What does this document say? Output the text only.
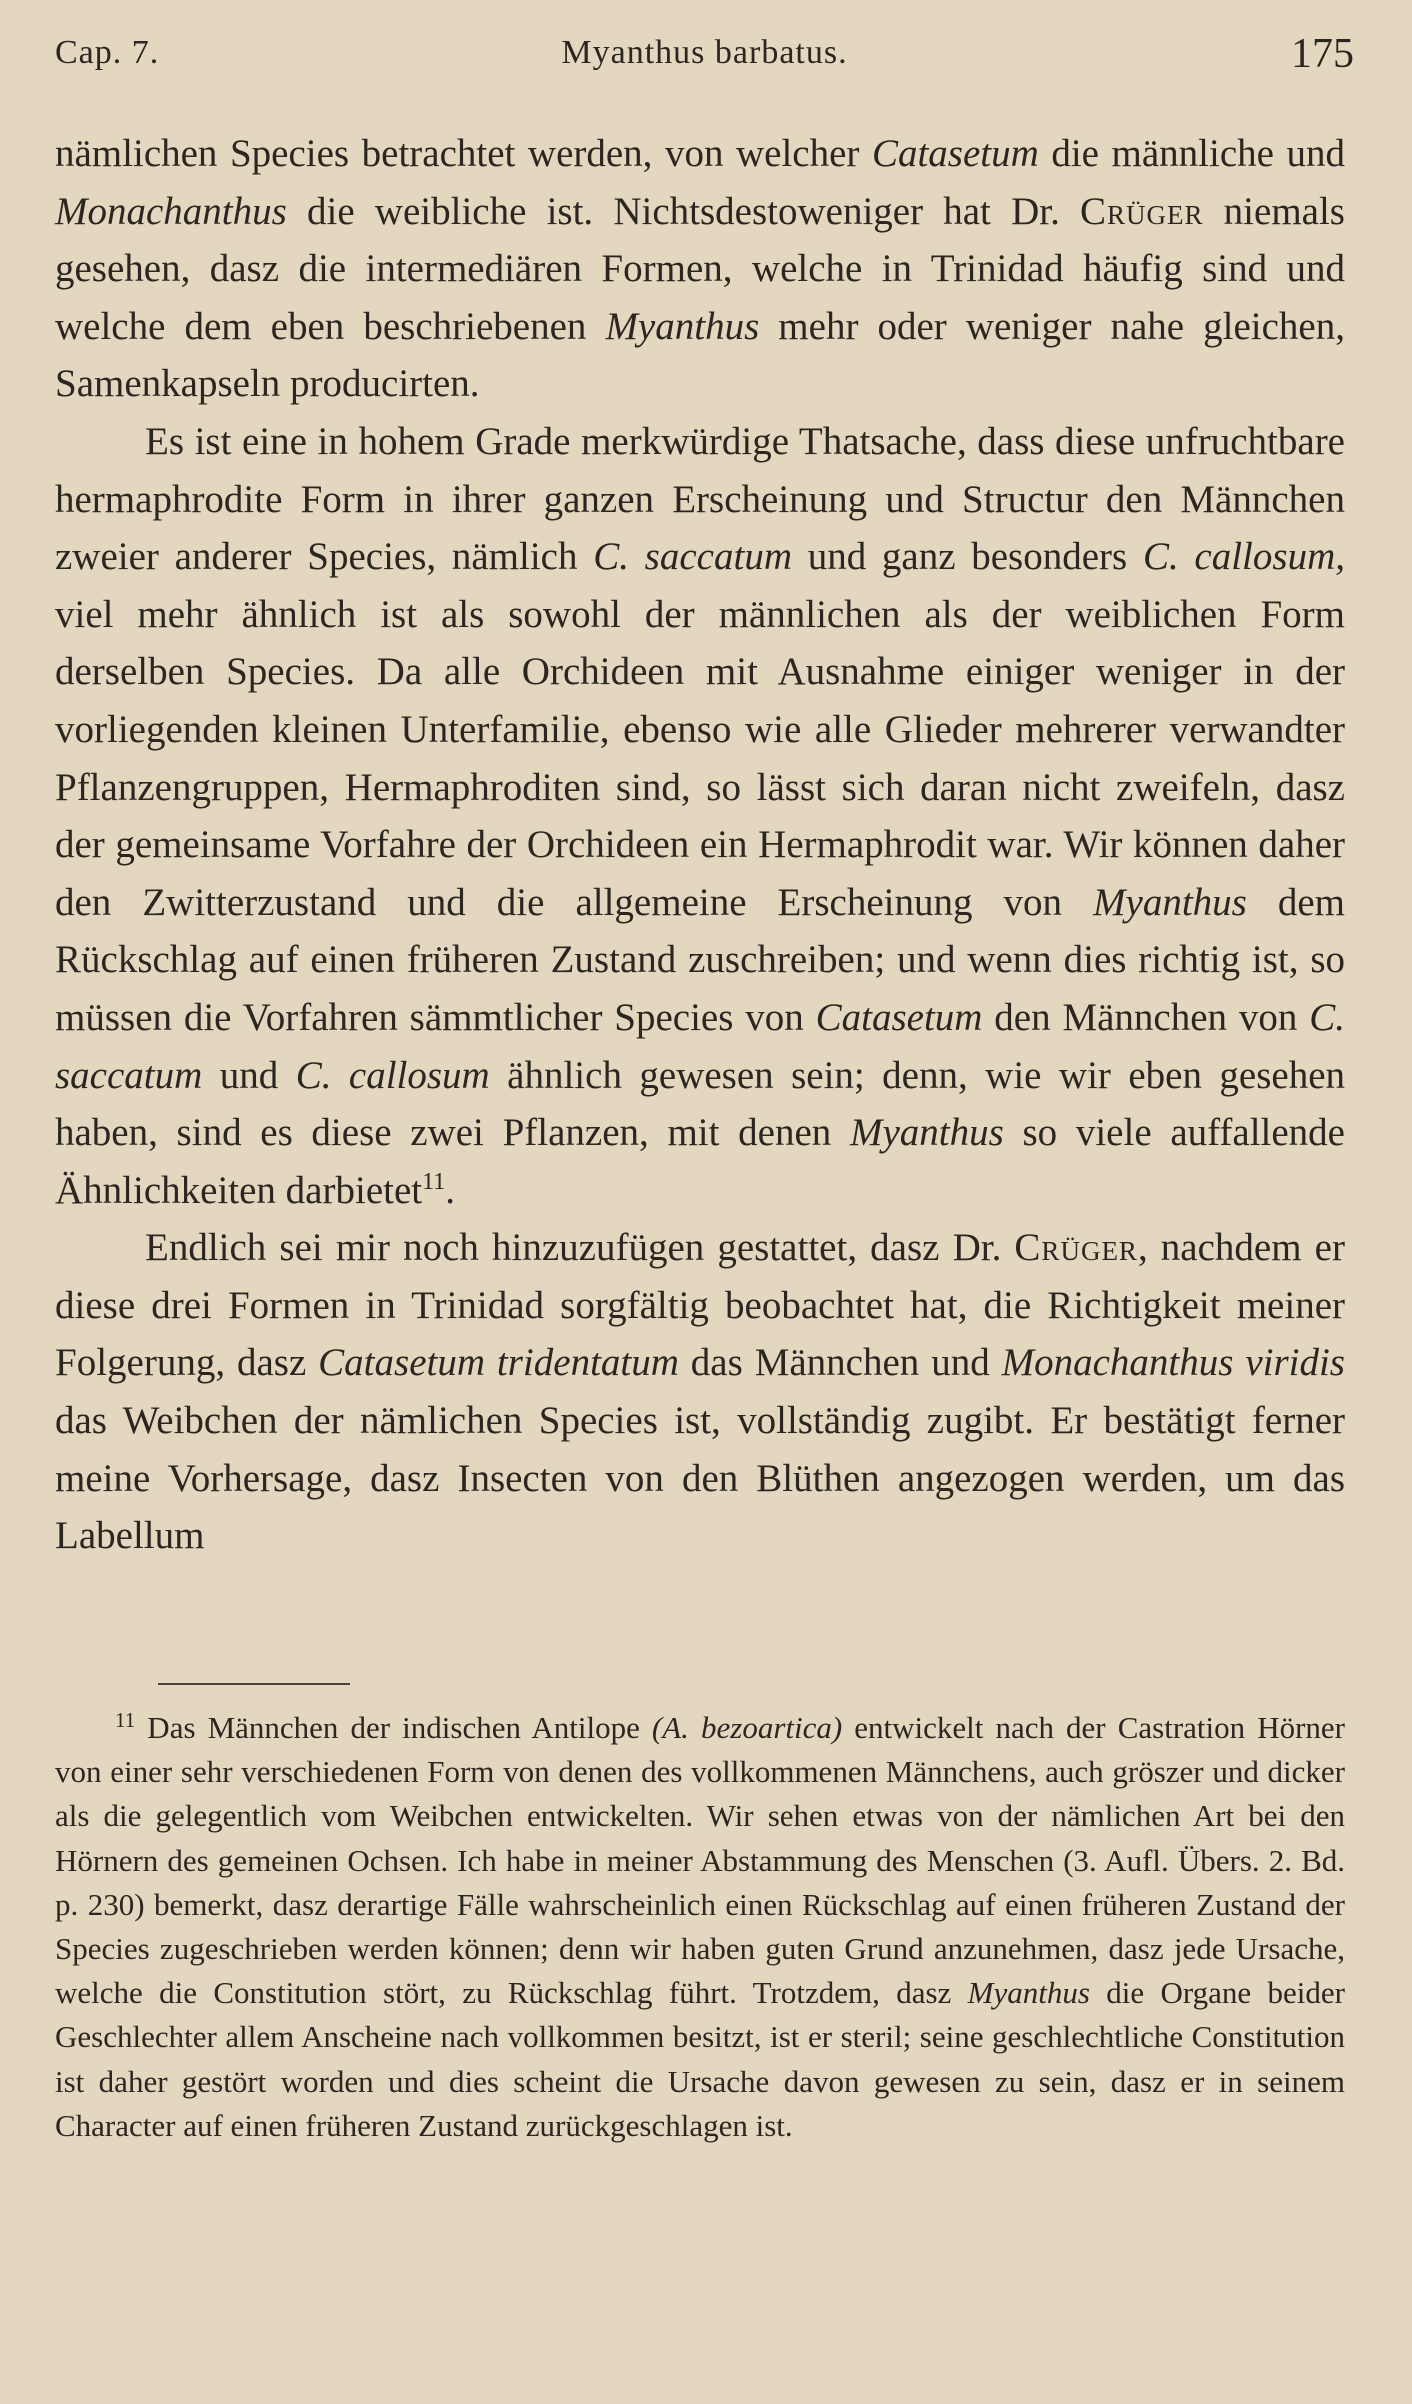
Cap. 7.	Myanthus barbatus.	175

nämlichen Species betrachtet werden, von welcher Catasetum die männliche und Monachanthus die weibliche ist. Nichtsdestoweniger hat Dr. Crüger niemals gesehen, dasz die intermediären Formen, welche in Trinidad häufig sind und welche dem eben beschriebenen Myanthus mehr oder weniger nahe gleichen, Samenkapseln producirten.

Es ist eine in hohem Grade merkwürdige Thatsache, dass diese unfruchtbare hermaphrodite Form in ihrer ganzen Erscheinung und Structur den Männchen zweier anderer Species, nämlich C. saccatum und ganz besonders C. callosum, viel mehr ähnlich ist als sowohl der männlichen als der weiblichen Form derselben Species. Da alle Orchideen mit Ausnahme einiger weniger in der vorliegenden kleinen Unterfamilie, ebenso wie alle Glieder mehrerer verwandter Pflanzengruppen, Hermaphroditen sind, so lässt sich daran nicht zweifeln, dasz der gemeinsame Vorfahre der Orchideen ein Hermaphrodit war. Wir können daher den Zwitterzustand und die allgemeine Erscheinung von Myanthus dem Rückschlag auf einen früheren Zustand zuschreiben; und wenn dies richtig ist, so müssen die Vorfahren sämmtlicher Species von Catasetum den Männchen von C. saccatum und C. callosum ähnlich gewesen sein; denn, wie wir eben gesehen haben, sind es diese zwei Pflanzen, mit denen Myanthus so viele auffallende Ähnlichkeiten darbietet$^{11}$.

Endlich sei mir noch hinzuzufügen gestattet, dasz Dr. Crüger, nachdem er diese drei Formen in Trinidad sorgfältig beobachtet hat, die Richtigkeit meiner Folgerung, dasz Catasetum tridentatum das Männchen und Monachanthus viridis das Weibchen der nämlichen Species ist, vollständig zugibt. Er bestätigt ferner meine Vorhersage, dasz Insecten von den Blüthen angezogen werden, um das Labellum

$^{11}$ Das Männchen der indischen Antilope (A. bezoartica) entwickelt nach der Castration Hörner von einer sehr verschiedenen Form von denen des vollkommenen Männchens, auch gröszer und dicker als die gelegentlich vom Weibchen entwickelten. Wir sehen etwas von der nämlichen Art bei den Hörnern des gemeinen Ochsen. Ich habe in meiner Abstammung des Menschen (3. Aufl. Übers. 2. Bd. p. 230) bemerkt, dasz derartige Fälle wahrscheinlich einen Rückschlag auf einen früheren Zustand der Species zugeschrieben werden können; denn wir haben guten Grund anzunehmen, dasz jede Ursache, welche die Constitution stört, zu Rückschlag führt. Trotzdem, dasz Myanthus die Organe beider Geschlechter allem Anscheine nach vollkommen besitzt, ist er steril; seine geschlechtliche Constitution ist daher gestört worden und dies scheint die Ursache davon gewesen zu sein, dasz er in seinem Character auf einen früheren Zustand zurückgeschlagen ist.
